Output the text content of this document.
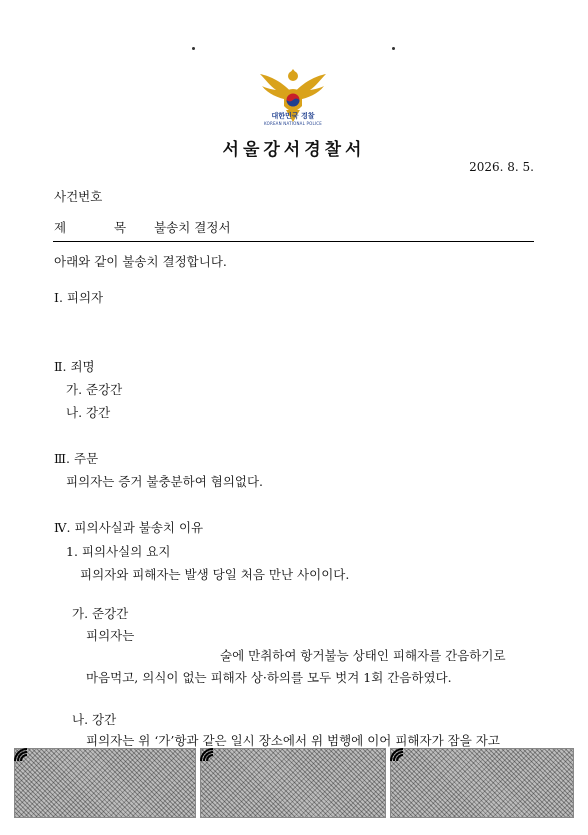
대한민국 경찰
KOREAN NATIONAL POLICE
서울강서경찰서
2026. 8. 5.
사건번호
제 목 불송치 결정서
아래와 같이 불송치 결정합니다.
Ⅰ. 피의자
Ⅱ. 죄명
가. 준강간
나. 강간
Ⅲ. 주문
피의자는 증거 불충분하여 혐의없다.
Ⅳ. 피의사실과 불송치 이유
1. 피의사실의 요지
피의자와 피해자는 발생 당일 처음 만난 사이이다.
가. 준강간
피의자는
술에 만취하여 항거불능 상태인 피해자를 간음하기로
마음먹고, 의식이 없는 피해자 상·하의를 모두 벗겨 1회 간음하였다.
나. 강간
피의자는 위 ‘가’항과 같은 일시 장소에서 위 범행에 이어 피해자가 잠을 자고
